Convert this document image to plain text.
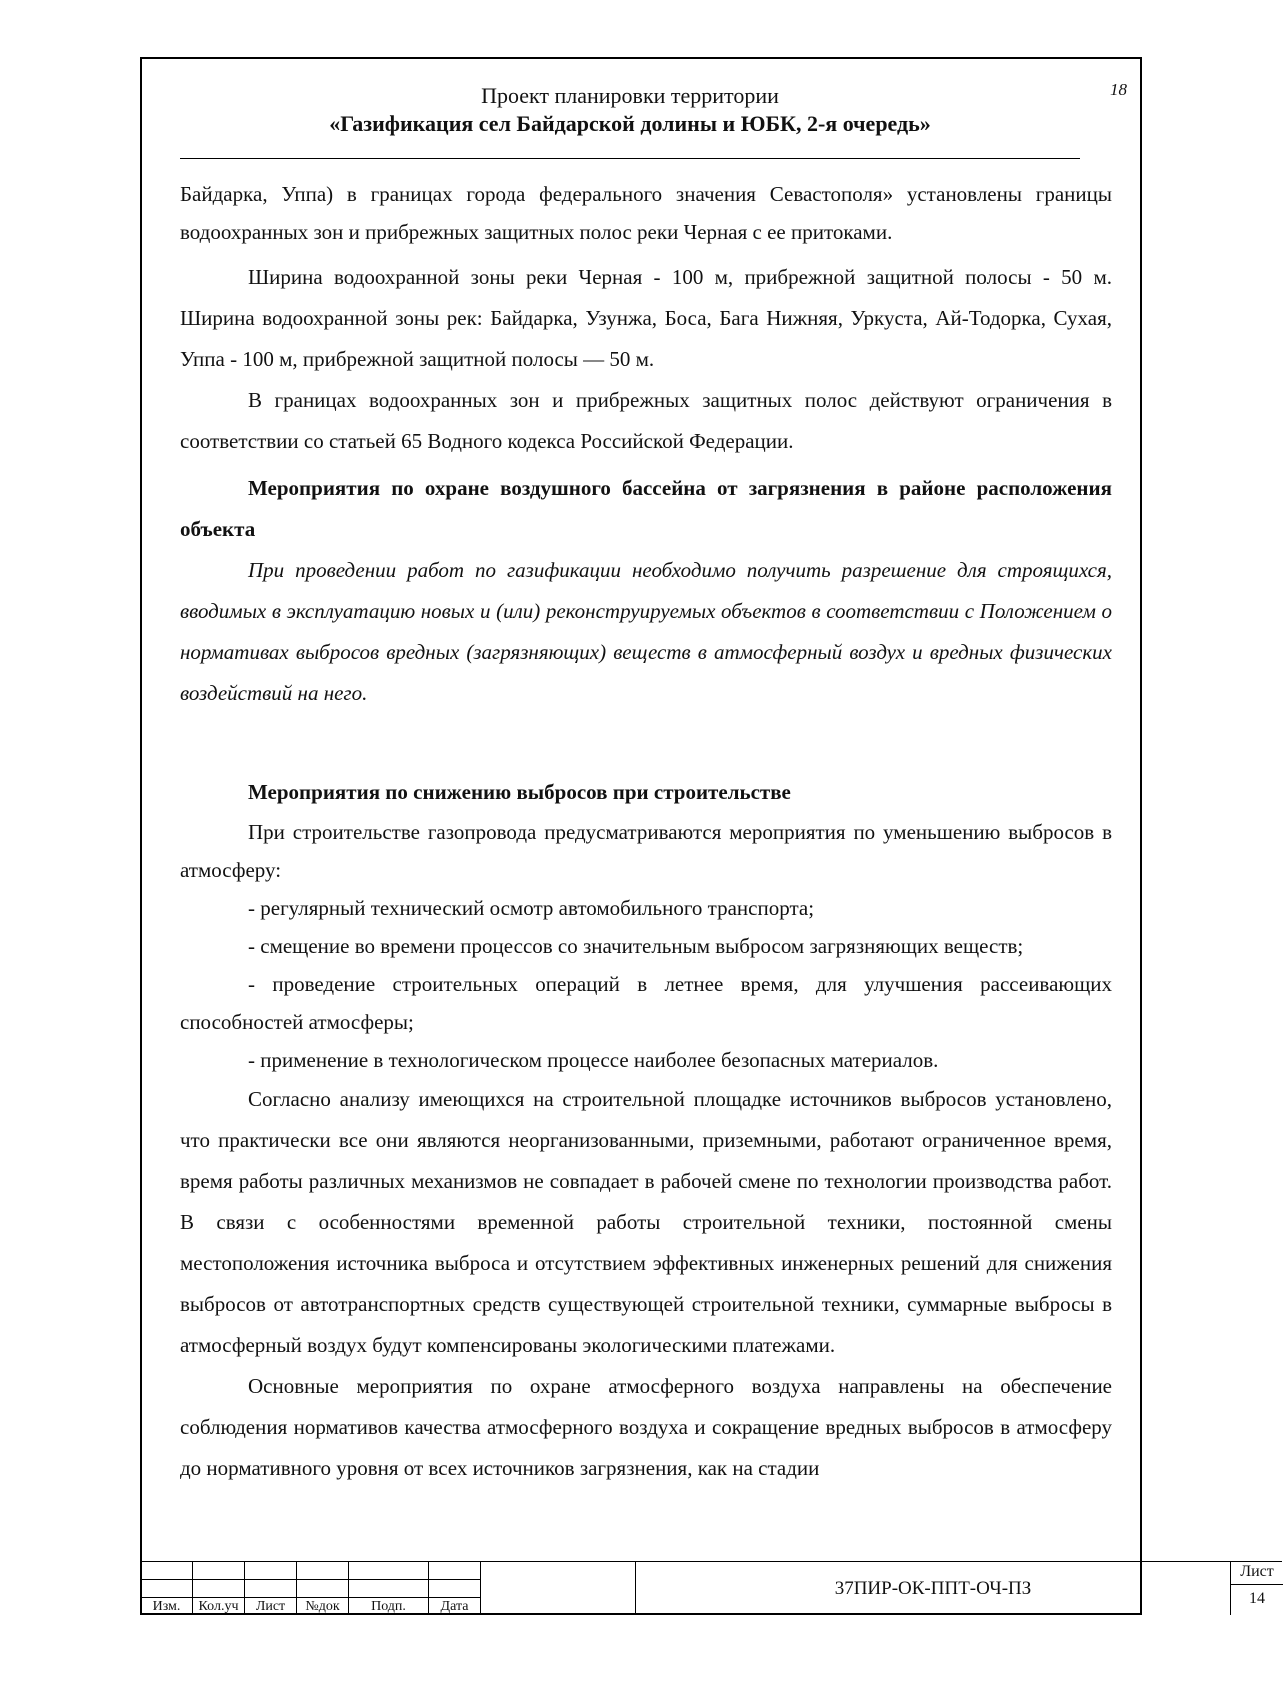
18
Проект планировки территории
«Газификация сел Байдарской долины и ЮБК, 2-я очередь»

Байдарка, Уппа) в границах города федерального значения Севастополя» установлены границы водоохранных зон и прибрежных защитных полос реки Черная с ее притоками.

Ширина водоохранной зоны реки Черная - 100 м, прибрежной защитной полосы - 50 м. Ширина водоохранной зоны рек: Байдарка, Узунжа, Боса, Бага Нижняя, Уркуста, Ай-Тодорка, Сухая, Уппа - 100 м, прибрежной защитной полосы — 50 м.

В границах водоохранных зон и прибрежных защитных полос действуют ограничения в соответствии со статьей 65 Водного кодекса Российской Федерации.

Мероприятия по охране воздушного бассейна от загрязнения в районе расположения объекта

При проведении работ по газификации необходимо получить разрешение для строящихся, вводимых в эксплуатацию новых и (или) реконструируемых объектов в соответствии с Положением о нормативах выбросов вредных (загрязняющих) веществ в атмосферный воздух и вредных физических воздействий на него.

Мероприятия по снижению выбросов при строительстве

При строительстве газопровода предусматриваются мероприятия по уменьшению выбросов в атмосферу:

- регулярный технический осмотр автомобильного транспорта;

- смещение во времени процессов со значительным выбросом загрязняющих веществ;

- проведение строительных операций в летнее время, для улучшения рассеивающих способностей атмосферы;

- применение в технологическом процессе наиболее безопасных материалов.

Согласно анализу имеющихся на строительной площадке источников выбросов установлено, что практически все они являются неорганизованными, приземными, работают ограниченное время, время работы различных механизмов не совпадает в рабочей смене по технологии производства работ. В связи с особенностями временной работы строительной техники, постоянной смены местоположения источника выброса и отсутствием эффективных инженерных решений для снижения выбросов от автотранспортных средств существующей строительной техники, суммарные выбросы в атмосферный воздух будут компенсированы экологическими платежами.

Основные мероприятия по охране атмосферного воздуха направлены на обеспечение соблюдения нормативов качества атмосферного воздуха и сокращение вредных выбросов в атмосферу до нормативного уровня от всех источников загрязнения, как на стадии

Изм.	Кол.уч	Лист	№док	Подп.	Дата
37ПИР-ОК-ППТ-ОЧ-ПЗ
Лист
14
